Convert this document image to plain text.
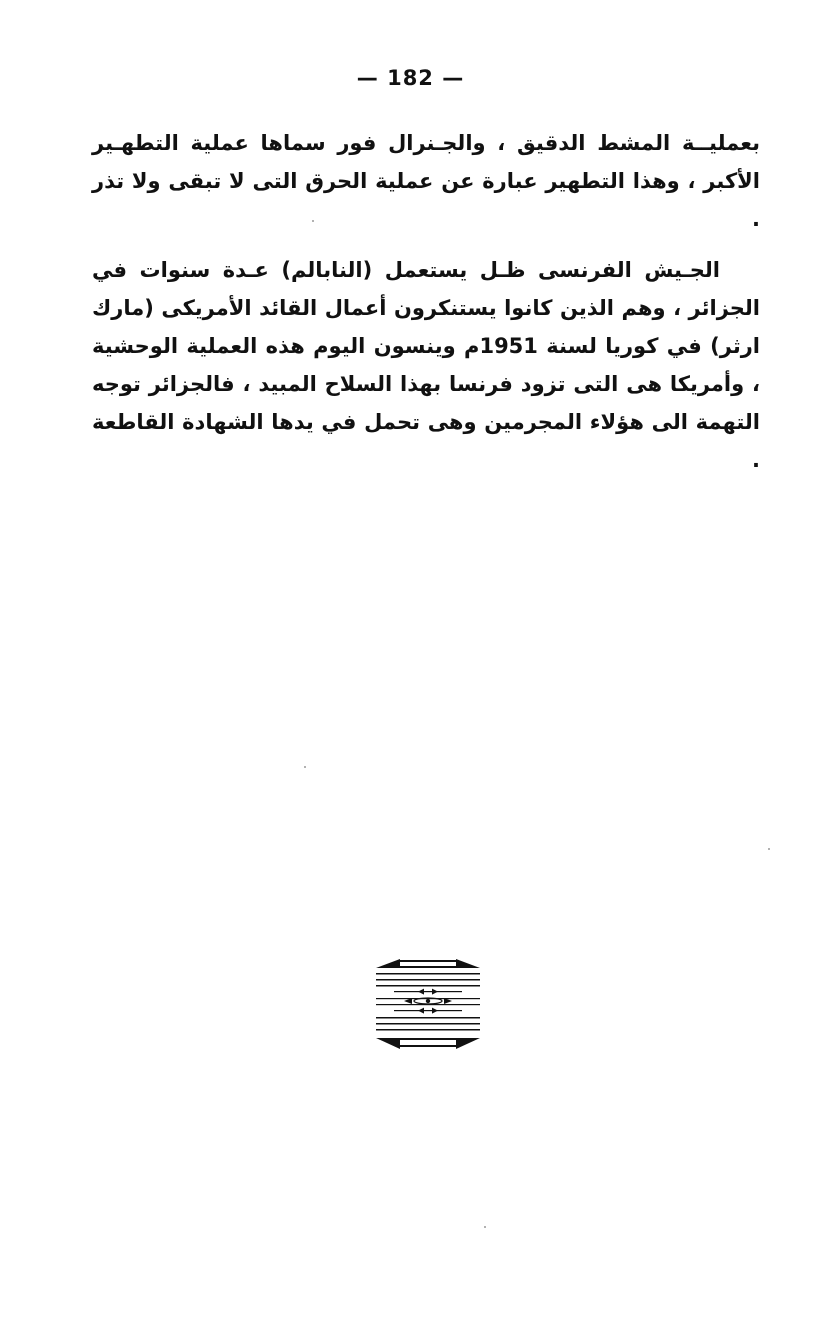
— 182 —

بعمليــة المشط الدقيق ، والجـنرال فور سماها عملية التطهـير الأكبر ، وهذا التطهير عبارة عن عملية الحرق التى لا تبقى ولا تذر .

الجـيش الفرنسى ظـل يستعمل (النابالم) عـدة سنوات في الجزائر ، وهم الذين كانوا يستنكرون أعمال القائد الأمريكى (مارك ارثر) في كوريا لسنة 1951م وينسون اليوم هذه العملية الوحشية ، وأمريكا هى التى تزود فرنسا بهذا السلاح المبيد ، فالجزائر توجه التهمة الى هؤلاء المجرمين وهى تحمل في يدها الشهادة القاطعة .
